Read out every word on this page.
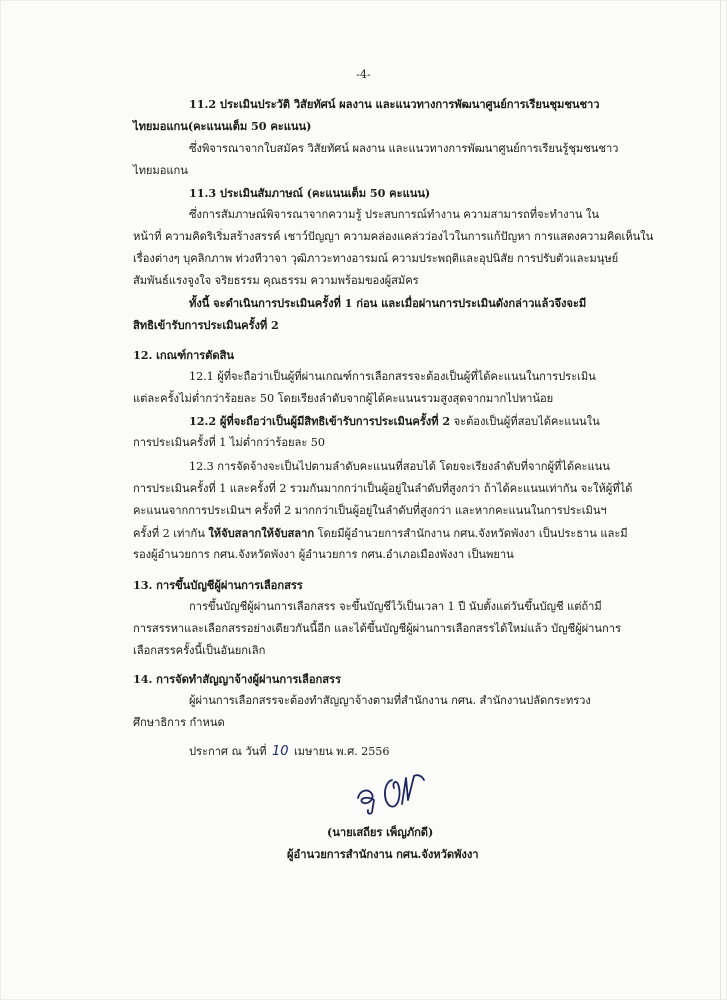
-4-

11.2 ประเมินประวัติ วิสัยทัศน์ ผลงาน และแนวทางการพัฒนาศูนย์การเรียนชุมชนชาว

ไทยมอแกน(คะแนนเต็ม 50 คะแนน)

ซึ่งพิจารณาจากใบสมัคร วิสัยทัศน์ ผลงาน และแนวทางการพัฒนาศูนย์การเรียนรู้ชุมชนชาว

ไทยมอแกน

11.3 ประเมินสัมภาษณ์ (คะแนนเต็ม 50 คะแนน)

ซึ่งการสัมภาษณ์พิจารณาจากความรู้ ประสบการณ์ทำงาน ความสามารถที่จะทำงาน ใน

หน้าที่ ความคิดริเริ่มสร้างสรรค์ เชาว์ปัญญา ความคล่องแคล่วว่องไวในการแก้ปัญหา การแสดงความคิดเห็นใน

เรื่องต่างๆ บุคลิกภาพ ท่วงทีวาจา วุฒิภาวะทางอารมณ์ ความประพฤติและอุปนิสัย การปรับตัวและมนุษย์

สัมพันธ์แรงจูงใจ จริยธรรม คุณธรรม ความพร้อมของผู้สมัคร

ทั้งนี้ จะดำเนินการประเมินครั้งที่ 1 ก่อน และเมื่อผ่านการประเมินดังกล่าวแล้วจึงจะมี

สิทธิเข้ารับการประเมินครั้งที่ 2

12. เกณฑ์การตัดสิน

12.1 ผู้ที่จะถือว่าเป็นผู้ที่ผ่านเกณฑ์การเลือกสรรจะต้องเป็นผู้ที่ได้คะแนนในการประเมิน

แต่ละครั้งไม่ต่ำกว่าร้อยละ 50 โดยเรียงลำดับจากผู้ได้คะแนนรวมสูงสุดจากมากไปหาน้อย

12.2 ผู้ที่จะถือว่าเป็นผู้มีสิทธิเข้ารับการประเมินครั้งที่ 2 จะต้องเป็นผู้ที่สอบได้คะแนนใน

การประเมินครั้งที่ 1 ไม่ต่ำกว่าร้อยละ 50

12.3 การจัดจ้างจะเป็นไปตามลำดับคะแนนที่สอบได้ โดยจะเรียงลำดับที่จากผู้ที่ได้คะแนน

การประเมินครั้งที่ 1 และครั้งที่ 2 รวมกันมากกว่าเป็นผู้อยู่ในลำดับที่สูงกว่า ถ้าได้คะแนนเท่ากัน จะให้ผู้ที่ได้

คะแนนจากการประเมินฯ ครั้งที่ 2 มากกว่าเป็นผู้อยู่ในลำดับที่สูงกว่า และหากคะแนนในการประเมินฯ

ครั้งที่ 2 เท่ากัน ให้จับสลากให้จับสลาก โดยมีผู้อำนวยการสำนักงาน กศน.จังหวัดพังงา เป็นประธาน และมี

รองผู้อำนวยการ กศน.จังหวัดพังงา ผู้อำนวยการ กศน.อำเภอเมืองพังงา เป็นพยาน

13. การขึ้นบัญชีผู้ผ่านการเลือกสรร

การขึ้นบัญชีผู้ผ่านการเลือกสรร จะขึ้นบัญชีไว้เป็นเวลา 1 ปี นับตั้งแต่วันขึ้นบัญชี แต่ถ้ามี

การสรรหาและเลือกสรรอย่างเดียวกันนี้อีก และได้ขึ้นบัญชีผู้ผ่านการเลือกสรรได้ใหม่แล้ว บัญชีผู้ผ่านการ

เลือกสรรครั้งนี้เป็นอันยกเลิก

14. การจัดทำสัญญาจ้างผู้ผ่านการเลือกสรร

ผู้ผ่านการเลือกสรรจะต้องทำสัญญาจ้างตามที่สำนักงาน กศน. สำนักงานปลัดกระทรวง

ศึกษาธิการ กำหนด

ประกาศ ณ วันที่ 10 เมษายน พ.ศ. 2556

(นายเสถียร เพ็ญภักดี)

ผู้อำนวยการสำนักงาน กศน.จังหวัดพังงา
